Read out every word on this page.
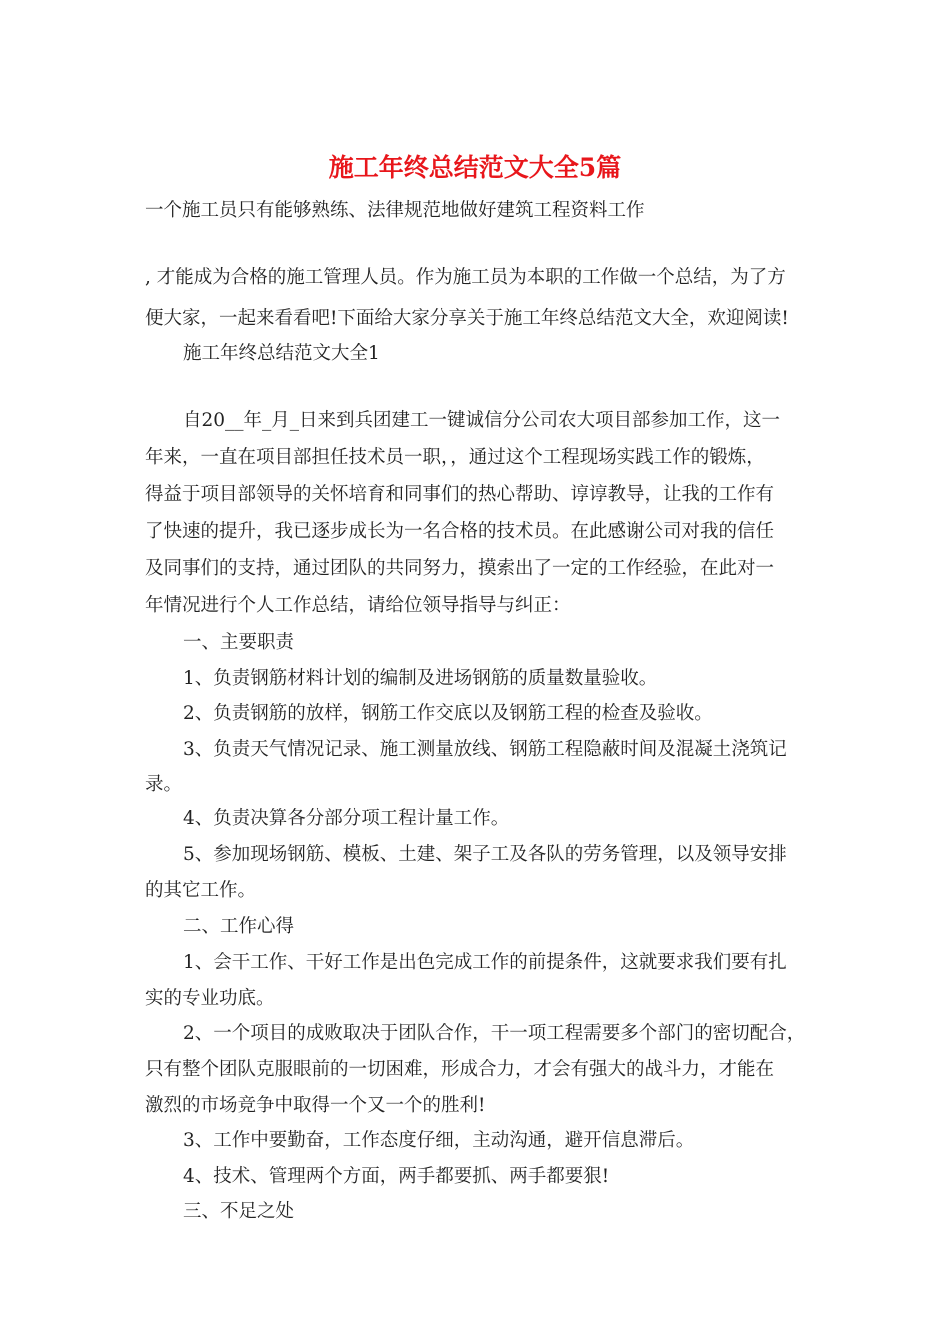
施工年终总结范文大全5篇
一个施工员只有能够熟练、法律规范地做好建筑工程资料工作
, 才能成为合格的施工管理人员。作为施工员为本职的工作做一个总结，为了方
便大家，一起来看看吧!下面给大家分享关于施工年终总结范文大全，欢迎阅读!
施工年终总结范文大全1
自20__年_月_日来到兵团建工一键诚信分公司农大项目部参加工作，这一
年来，一直在项目部担任技术员一职，，通过这个工程现场实践工作的锻炼，
得益于项目部领导的关怀培育和同事们的热心帮助、谆谆教导，让我的工作有
了快速的提升，我已逐步成长为一名合格的技术员。在此感谢公司对我的信任
及同事们的支持，通过团队的共同努力，摸索出了一定的工作经验，在此对一
年情况进行个人工作总结，请给位领导指导与纠正：
一、主要职责
1、负责钢筋材料计划的编制及进场钢筋的质量数量验收。
2、负责钢筋的放样，钢筋工作交底以及钢筋工程的检查及验收。
3、负责天气情况记录、施工测量放线、钢筋工程隐蔽时间及混凝土浇筑记
录。
4、负责决算各分部分项工程计量工作。
5、参加现场钢筋、模板、土建、架子工及各队的劳务管理，以及领导安排
的其它工作。
二、工作心得
1、会干工作、干好工作是出色完成工作的前提条件，这就要求我们要有扎
实的专业功底。
2、一个项目的成败取决于团队合作，干一项工程需要多个部门的密切配合，
只有整个团队克服眼前的一切困难，形成合力，才会有强大的战斗力，才能在
激烈的市场竞争中取得一个又一个的胜利!
3、工作中要勤奋，工作态度仔细，主动沟通，避开信息滞后。
4、技术、管理两个方面，两手都要抓、两手都要狠!
三、不足之处
